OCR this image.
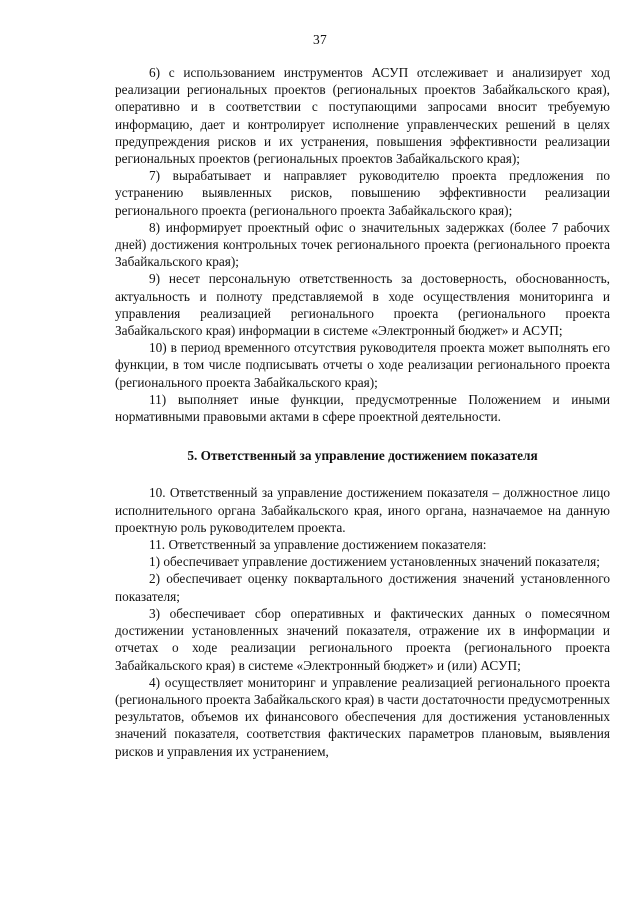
37

6) с использованием инструментов АСУП отслеживает и анализирует ход реализации региональных проектов (региональных проектов Забайкальского края), оперативно и в соответствии с поступающими запросами вносит требуемую информацию, дает и контролирует исполнение управленческих решений в целях предупреждения рисков и их устранения, повышения эффективности реализации региональных проектов (региональных проектов Забайкальского края);

7) вырабатывает и направляет руководителю проекта предложения по устранению выявленных рисков, повышению эффективности реализации регионального проекта (регионального проекта Забайкальского края);

8) информирует проектный офис о значительных задержках (более 7 рабочих дней) достижения контрольных точек регионального проекта (регионального проекта Забайкальского края);

9) несет персональную ответственность за достоверность, обоснованность, актуальность и полноту представляемой в ходе осуществления мониторинга и управления реализацией регионального проекта (регионального проекта Забайкальского края) информации в системе «Электронный бюджет» и АСУП;

10) в период временного отсутствия руководителя проекта может выполнять его функции, в том числе подписывать отчеты о ходе реализации регионального проекта (регионального проекта Забайкальского края);

11) выполняет иные функции, предусмотренные Положением и иными нормативными правовыми актами в сфере проектной деятельности.

5. Ответственный за управление достижением показателя

10. Ответственный за управление достижением показателя – должностное лицо исполнительного органа Забайкальского края, иного органа, назначаемое на данную проектную роль руководителем проекта.

11. Ответственный за управление достижением показателя:

1) обеспечивает управление достижением установленных значений показателя;

2) обеспечивает оценку поквартального достижения значений установленного показателя;

3) обеспечивает сбор оперативных и фактических данных о помесячном достижении установленных значений показателя, отражение их в информации и отчетах о ходе реализации регионального проекта (регионального проекта Забайкальского края) в системе «Электронный бюджет» и (или) АСУП;

4) осуществляет мониторинг и управление реализацией регионального проекта (регионального проекта Забайкальского края) в части достаточности предусмотренных результатов, объемов их финансового обеспечения для достижения установленных значений показателя, соответствия фактических параметров плановым, выявления рисков и управления их устранением,
